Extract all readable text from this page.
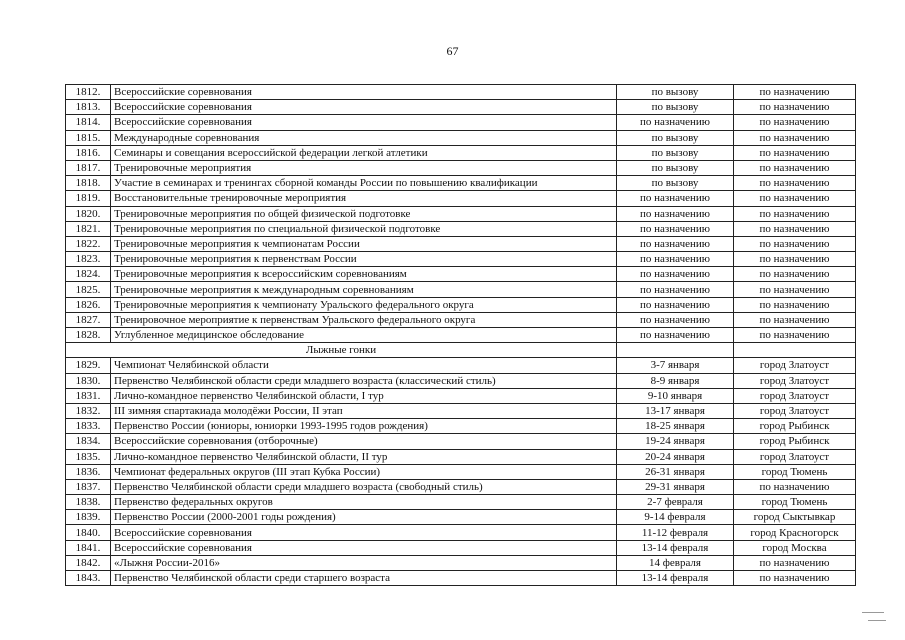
67
1812.	Всероссийские соревнования	по вызову	по назначению
1813.	Всероссийские соревнования	по вызову	по назначению
1814.	Всероссийские соревнования	по назначению	по назначению
1815.	Международные соревнования	по вызову	по назначению
1816.	Семинары и совещания всероссийской федерации легкой атлетики	по вызову	по назначению
1817.	Тренировочные мероприятия	по вызову	по назначению
1818.	Участие в семинарах и тренингах сборной команды России по повышению квалификации	по вызову	по назначению
1819.	Восстановительные тренировочные мероприятия	по назначению	по назначению
1820.	Тренировочные мероприятия по общей физической подготовке	по назначению	по назначению
1821.	Тренировочные мероприятия по специальной физической подготовке	по назначению	по назначению
1822.	Тренировочные мероприятия к чемпионатам России	по назначению	по назначению
1823.	Тренировочные мероприятия к первенствам России	по назначению	по назначению
1824.	Тренировочные мероприятия к всероссийским соревнованиям	по назначению	по назначению
1825.	Тренировочные мероприятия к международным соревнованиям	по назначению	по назначению
1826.	Тренировочные мероприятия к чемпионату Уральского федерального округа	по назначению	по назначению
1827.	Тренировочное мероприятие к первенствам Уральского федерального округа	по назначению	по назначению
1828.	Углубленное медицинское обследование	по назначению	по назначению
Лыжные гонки			
1829.	Чемпионат Челябинской области	3-7 января	город Златоуст
1830.	Первенство Челябинской области среди младшего возраста (классический стиль)	8-9 января	город Златоуст
1831.	Лично-командное первенство Челябинской области, I тур	9-10 января	город Златоуст
1832.	III зимняя спартакиада молодёжи России, II этап	13-17 января	город Златоуст
1833.	Первенство России (юниоры, юниорки 1993-1995 годов рождения)	18-25 января	город Рыбинск
1834.	Всероссийские соревнования (отборочные)	19-24 января	город Рыбинск
1835.	Лично-командное первенство Челябинской области, II тур	20-24 января	город Златоуст
1836.	Чемпионат федеральных округов (III этап Кубка России)	26-31 января	город Тюмень
1837.	Первенство Челябинской области среди младшего возраста (свободный стиль)	29-31 января	по назначению
1838.	Первенство федеральных округов	2-7 февраля	город Тюмень
1839.	Первенство России (2000-2001 годы рождения)	9-14 февраля	город Сыктывкар
1840.	Всероссийские соревнования	11-12 февраля	город Красногорск
1841.	Всероссийские соревнования	13-14 февраля	город Москва
1842.	«Лыжня России-2016»	14 февраля	по назначению
1843.	Первенство Челябинской области среди старшего возраста	13-14 февраля	по назначению
